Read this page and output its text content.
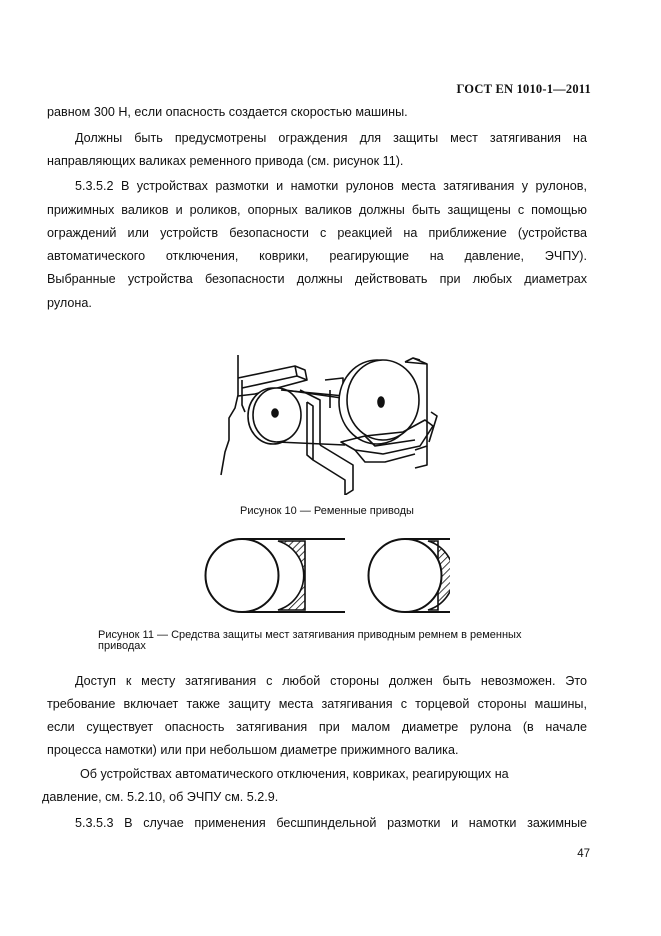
ГОСТ EN 1010-1—2011

равном 300 Н, если опасность создается скоростью машины.

Должны быть предусмотрены ограждения для защиты мест затягивания на

направляющих валиках ременного привода (см. рисунок 11).

5.3.5.2 В устройствах размотки и намотки рулонов места затягивания у рулонов,

прижимных валиков и роликов, опорных валиков должны быть защищены с помощью

ограждений или устройств безопасности с реакцией на приближение (устройства

автоматического отключения, коврики, реагирующие на давление, ЭЧПУ).

Выбранные устройства безопасности должны действовать при любых диаметрах

рулона.

Рисунок 10 — Ременные приводы

Рисунок 11 — Средства защиты мест затягивания приводным ремнем в ременных

приводах

Доступ к месту затягивания с любой стороны должен быть невозможен. Это

требование включает также защиту места затягивания с торцевой стороны машины,

если существует опасность затягивания при малом диаметре рулона (в начале

процесса намотки) или при небольшом диаметре прижимного валика.

Об устройствах автоматического отключения, ковриках, реагирующих на

давление, см. 5.2.10, об ЭЧПУ см. 5.2.9.

5.3.5.3 В случае применения бесшпиндельной размотки и намотки зажимные

47
